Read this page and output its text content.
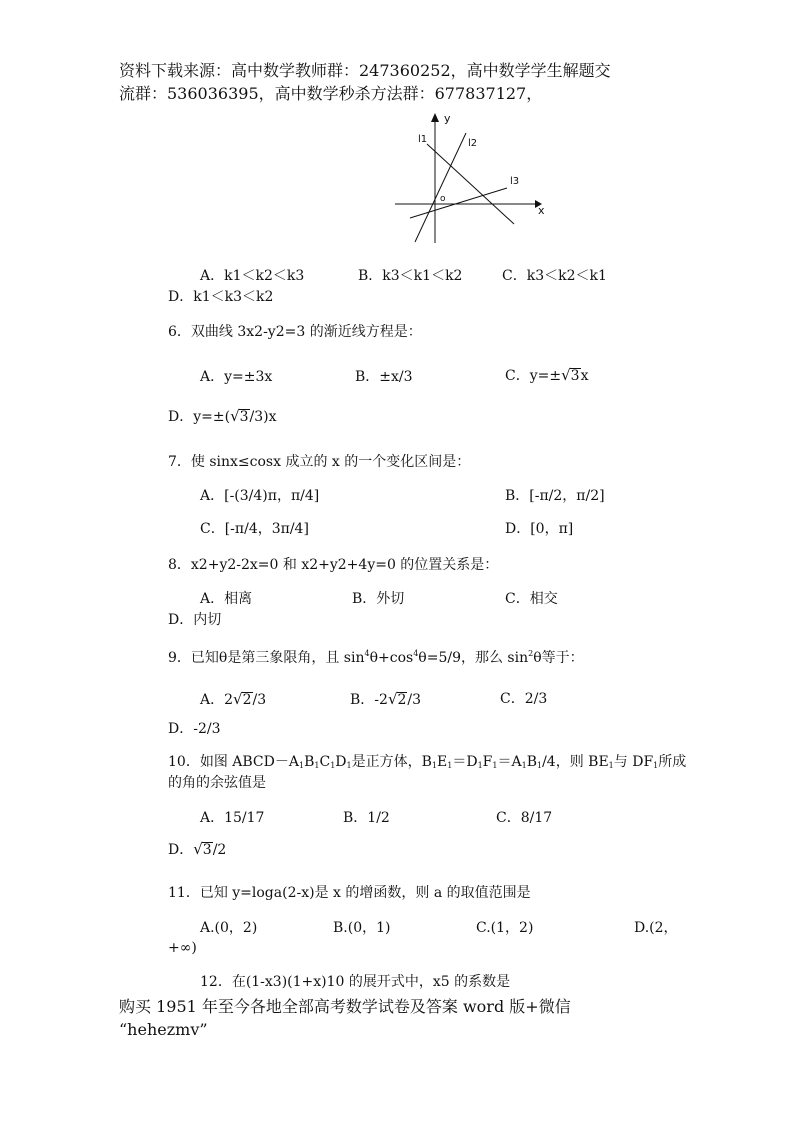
资料下载来源：高中数学教师群：247360252，高中数学学生解题交
流群：536036395，高中数学秒杀方法群：677837127，
y
x
o
l1	l2
l3
A．k1＜k2＜k3	B．k3＜k1＜k2	C．k3＜k2＜k1
D．k1＜k3＜k2
6．双曲线 3x2-y2=3 的渐近线方程是：
A．y=±3x	B．±x/3	C．y=±√3x
D．y=±(√3/3)x
7．使 sinx≤cosx 成立的 x 的一个变化区间是：
A．[-(3/4)π，π/4]	B．[-π/2，π/2]
C．[-π/4，3π/4]	D．[0，π]
8．x2+y2-2x=0 和 x2+y2+4y=0 的位置关系是：
A．相离	B．外切	C．相交
D．内切
9．已知θ是第三象限角，且 $\sin^4\theta+\cos^4\theta=5/9$，那么 $\sin^2\theta$等于：
A．2√2/3	B．-2√2/3	C．2/3
D．-2/3
10．如图 $ABCD-A_1B_1C_1D_1$是正方体，$B_1E_1=D_1F_1=A_1B_1/4$，则 $BE_1$与 $DF_1$所成
的角的余弦值是
A．15/17	B．1/2	C．8/17
D．√3/2
11．已知 y=loga(2-x)是 x 的增函数，则 a 的取值范围是
A.(0，2)	B.(0，1)	C.(1，2)	D.(2，
+∞)
12．在(1-x3)(1+x)10 的展开式中，x5 的系数是
购买 1951 年至今各地全部高考数学试卷及答案 word 版+微信
“hehezmv”
